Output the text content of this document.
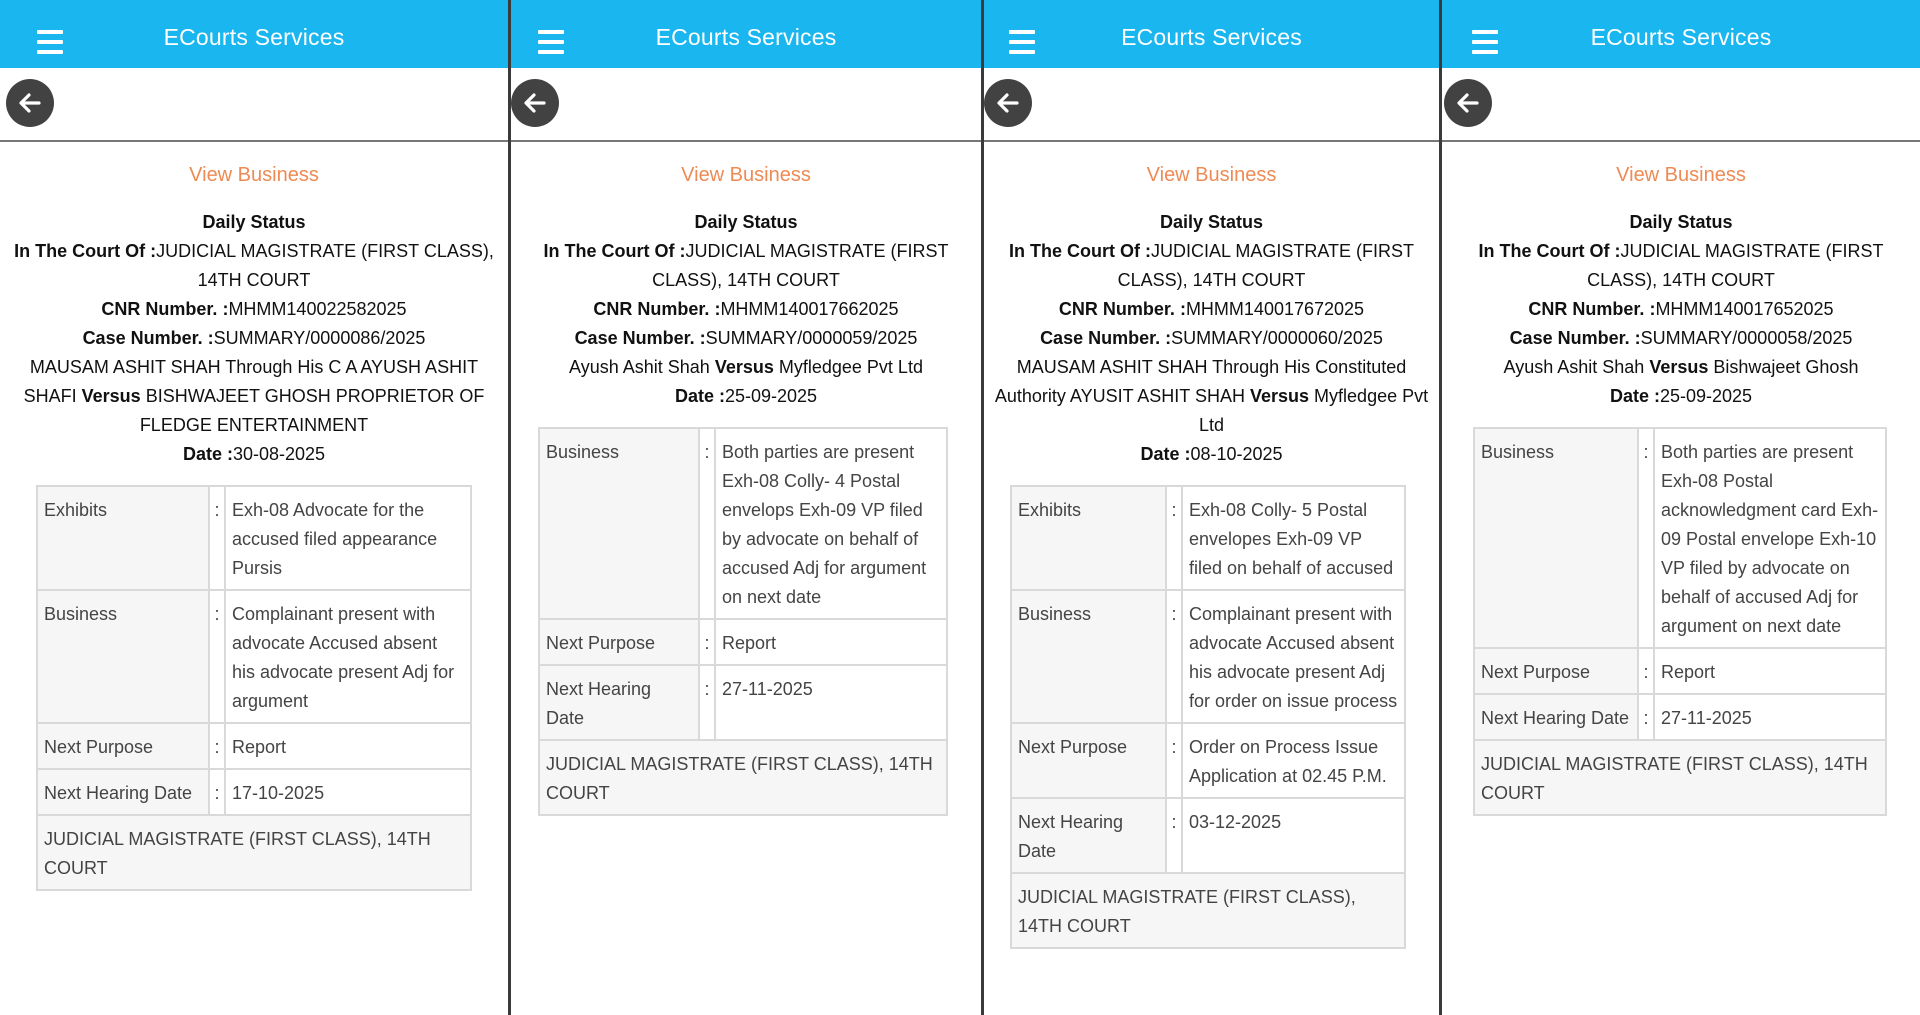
ECourts Services
View Business
Daily Status
In The Court Of :JUDICIAL MAGISTRATE (FIRST CLASS), 14TH COURT
CNR Number. :MHMM140022582025
Case Number. :SUMMARY/0000086/2025
MAUSAM ASHIT SHAH Through His C A AYUSH ASHIT SHAFI Versus BISHWAJEET GHOSH PROPRIETOR OF FLEDGE ENTERTAINMENT
Date :30-08-2025
Exhibits	:	Exh-08 Advocate for the accused filed appearance Pursis
Business	:	Complainant present with advocate Accused absent his advocate present Adj for argument
Next Purpose	:	Report
Next Hearing Date	:	17-10-2025
JUDICIAL MAGISTRATE (FIRST CLASS), 14TH COURT		
ECourts Services
View Business
Daily Status
In The Court Of :JUDICIAL MAGISTRATE (FIRST CLASS), 14TH COURT
CNR Number. :MHMM140017662025
Case Number. :SUMMARY/0000059/2025
Ayush Ashit Shah Versus Myfledgee Pvt Ltd
Date :25-09-2025
Business	:	Both parties are present Exh-08 Colly- 4 Postal envelops Exh-09 VP filed by advocate on behalf of accused Adj for argument on next date
Next Purpose	:	Report
Next Hearing Date	:	27-11-2025
JUDICIAL MAGISTRATE (FIRST CLASS), 14TH COURT		
ECourts Services
View Business
Daily Status
In The Court Of :JUDICIAL MAGISTRATE (FIRST CLASS), 14TH COURT
CNR Number. :MHMM140017672025
Case Number. :SUMMARY/0000060/2025
MAUSAM ASHIT SHAH Through His Constituted Authority AYUSIT ASHIT SHAH Versus Myfledgee Pvt Ltd
Date :08-10-2025
Exhibits	:	Exh-08 Colly- 5 Postal envelopes Exh-09 VP filed on behalf of accused
Business	:	Complainant present with advocate Accused absent his advocate present Adj for order on issue process
Next Purpose	:	Order on Process Issue Application at 02.45 P.M.
Next Hearing Date	:	03-12-2025
JUDICIAL MAGISTRATE (FIRST CLASS), 14TH COURT		
ECourts Services
View Business
Daily Status
In The Court Of :JUDICIAL MAGISTRATE (FIRST CLASS), 14TH COURT
CNR Number. :MHMM140017652025
Case Number. :SUMMARY/0000058/2025
Ayush Ashit Shah Versus Bishwajeet Ghosh
Date :25-09-2025
Business	:	Both parties are present Exh-08 Postal acknowledgment card Exh-09 Postal envelope Exh-10 VP filed by advocate on behalf of accused Adj for argument on next date
Next Purpose	:	Report
Next Hearing Date	:	27-11-2025
JUDICIAL MAGISTRATE (FIRST CLASS), 14TH COURT		
